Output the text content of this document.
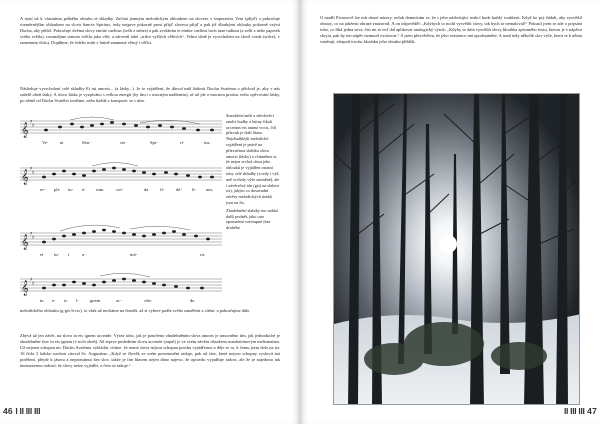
A nyní už k vlastnímu průběhu obsahu té skladby. Začíná jemným melodickým obloukem na slovese v imperativu Veni (přijď) a pokračuje rozměrnějším obloukem na slovu Sancte Spiritus, tedy nejprve pokorně prosí přijď slovesa přijď a pak již dlouhými oblouky pokorně vzývá Ducha, aby přišel. Pokračuje dvěma slovy emitte caelitus (sešli z nebes) a pak zvoláním et emitte caelitus lucis tuae radium (a sešli z nebe paprsek svého světla), rozumějme tomuto světlu jako víře, a zároveň také „srdce vyšlých věřících“. Velmi silně je vyvrcholení na slově corda (srdce), v ramenním číslu). Doplňme, že fidelis mihi v latině znamená věrný i věřící.

Následuje vyvrcholení celé skladby Et tui amoris... (a lásky...). Je to vyjádření, že důvod naší žádosti Duchu Svatému o příchod je, aby v nás zažehl oheň lásky. A slovo láska je vyzpíváno s velkou energií (by tím i s mocným nadšením), ač už jde o mocnou prosbu, nebo opěvování lásky, po němž od Ducha Svatého toužíme, nebo každá z kompozic se s ním.

𝄞
𝄞
𝄞
𝄞
♯
♯
♯
♯
♯
♯
♯
♯
Ve-	ni	Sán-	cte	Spí-	ri-	tus,
re- ple tu- ó- rum	cor-	da	fi-	dé- li- um,
et tu- i	a-	mó-	ris
in e- is í- gnem	ac-	cén-	de.

Starokřesťanští a středověcí znalci hudby a latiny fikali accentus est anima vocis, čili přízvuk je duší hlasu. Nejobsáhlejší melodické vyjádření je právě na přízvučnou slabiku slova amoris (lásky) a všimněme si, že nejen vrchol obou jeho oblouků je vyjádřen ostatní tóny celé skladby (a tedy i výš, než vrcholy výše zmíněné), ale i závěrečný tón (gis) na slabice ris), jakým co dosavadní závěry melodických úseků jsou na fis.

Zhudebnění slabiky mo nabízí další podnět, jako ono zpomalení vzestupné fáze druhého

melodického oblouku (g-gis-h-cis), to však už necháme na čtenáři, až si vybere podle svého zaměření a cítění, a pokračujme dále.

Zbývá už jen závěr, na slova in eis ignem accende. Výraz toho, jak je ponořeno zhudebněním slova amoris je umocněno tím, jak jednoduché je zhudebnění slov in eis ignem (v nich oheň). Až teprve posledním slovu accende (zapal) je ve svém závěru obsaženo mnohatónovým melismatem. Už nejsem schopen níc Duchu Svatému vykládat, cítíme, že nemá slova nejsou schopna prosbu vyjádřenou a děje se to, k čemu jsem dole na str. 16 čísla 3 loňsko ozobou citoval Sv. Augustina: „Když se člověk ve svém porozumění raduje, pak od slov, které nejsou schopny vyslovit ani potěšení, přejde k jásotu a nepromítnut bez slov, takže je tím hlasem nejen dáno najevo, že opravdu vyjadřuje radost, ale že je najednou tak neomezenou radostí, že slovy nelze vyjádřit, o čem se raduje.“

46 I II III III

O madlí Picassově lze mít různé názory, avšak domnívám se, že s jeho následující reakcí bude každý souhlasit. Když ho prý žádali, aby vysvětlil obrazy, co na jakémsi obraze znázornil. A on odpověděl: „Kdybych to mohl vysvětlit slovy, tak bych to nemaloval!“ Pokusil jsem se zde o popsání toho, co říká jedna sova. Jen mi to teď dal aplikovat analogický výrok: „Kdyby se dala vysvětlit slovy hloubka zpívaného textu, kterou je v nápěvu skryta, pak by ten nápěv nemusel existovat.“ A jsem přesvědčen, že jeho existence má opodstatnění. A snad tedy několik slov výše, která se k němu vztahují, alespoň trochu hloubku jeho obsahu přiblíží.

II III III 47
